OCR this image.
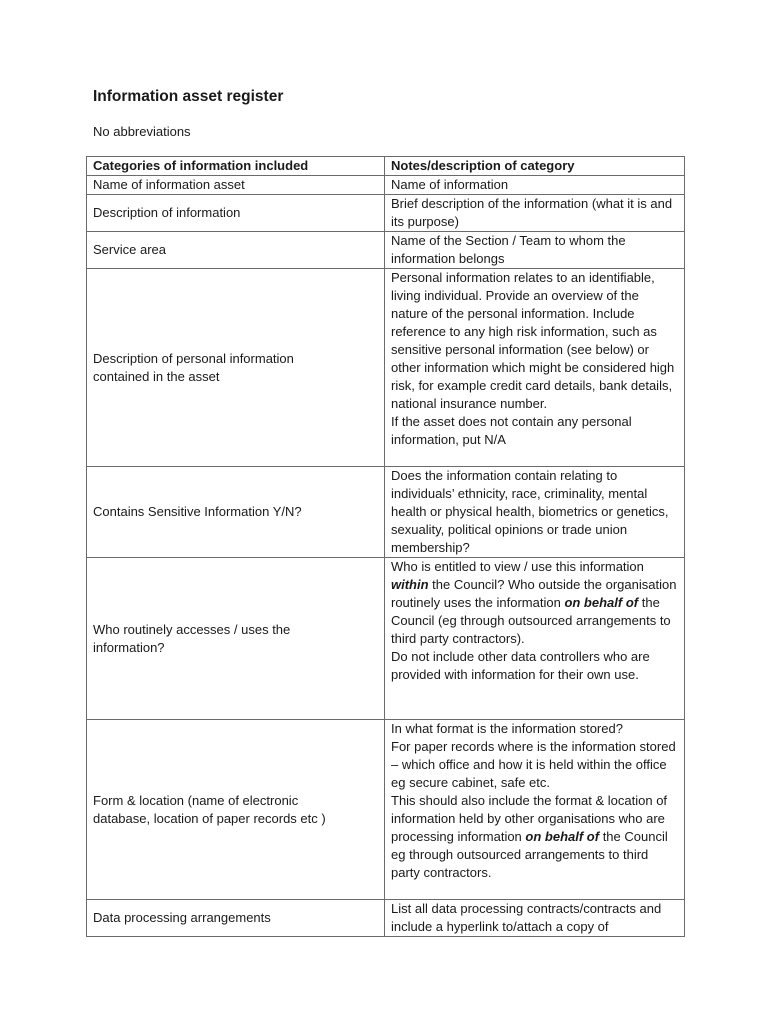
Information asset register
No abbreviations
Categories of information included	Notes/description of category
Name of information asset	Name of information
Description of information	Brief description of the information (what it is and its purpose)
Service area	Name of the Section / Team to whom the information belongs

Description of personal information contained in the asset	Personal information relates to an identifiable, living individual. Provide an overview of the nature of the personal information. Include reference to any high risk information, such as sensitive personal information (see below) or other information which might be considered high risk, for example credit card details, bank details, national insurance number.
If the asset does not contain any personal information, put N/A

Contains Sensitive Information Y/N?	Does the information contain relating to individuals’ ethnicity, race, criminality, mental health or physical health, biometrics or genetics, sexuality, political opinions or trade union membership?

Who routinely accesses / uses the information?	Who is entitled to view / use this information within the Council? Who outside the organisation routinely uses the information on behalf of the Council (eg through outsourced arrangements to third party contractors).
Do not include other data controllers who are provided with information for their own use.

Form & location (name of electronic database, location of paper records etc )	In what format is the information stored?
For paper records where is the information stored – which office and how it is held within the office eg secure cabinet, safe etc.
This should also include the format & location of information held by other organisations who are processing information on behalf of the Council eg through outsourced arrangements to third party contractors.

Data processing arrangements	List all data processing contracts/contracts and include a hyperlink to/attach a copy of
